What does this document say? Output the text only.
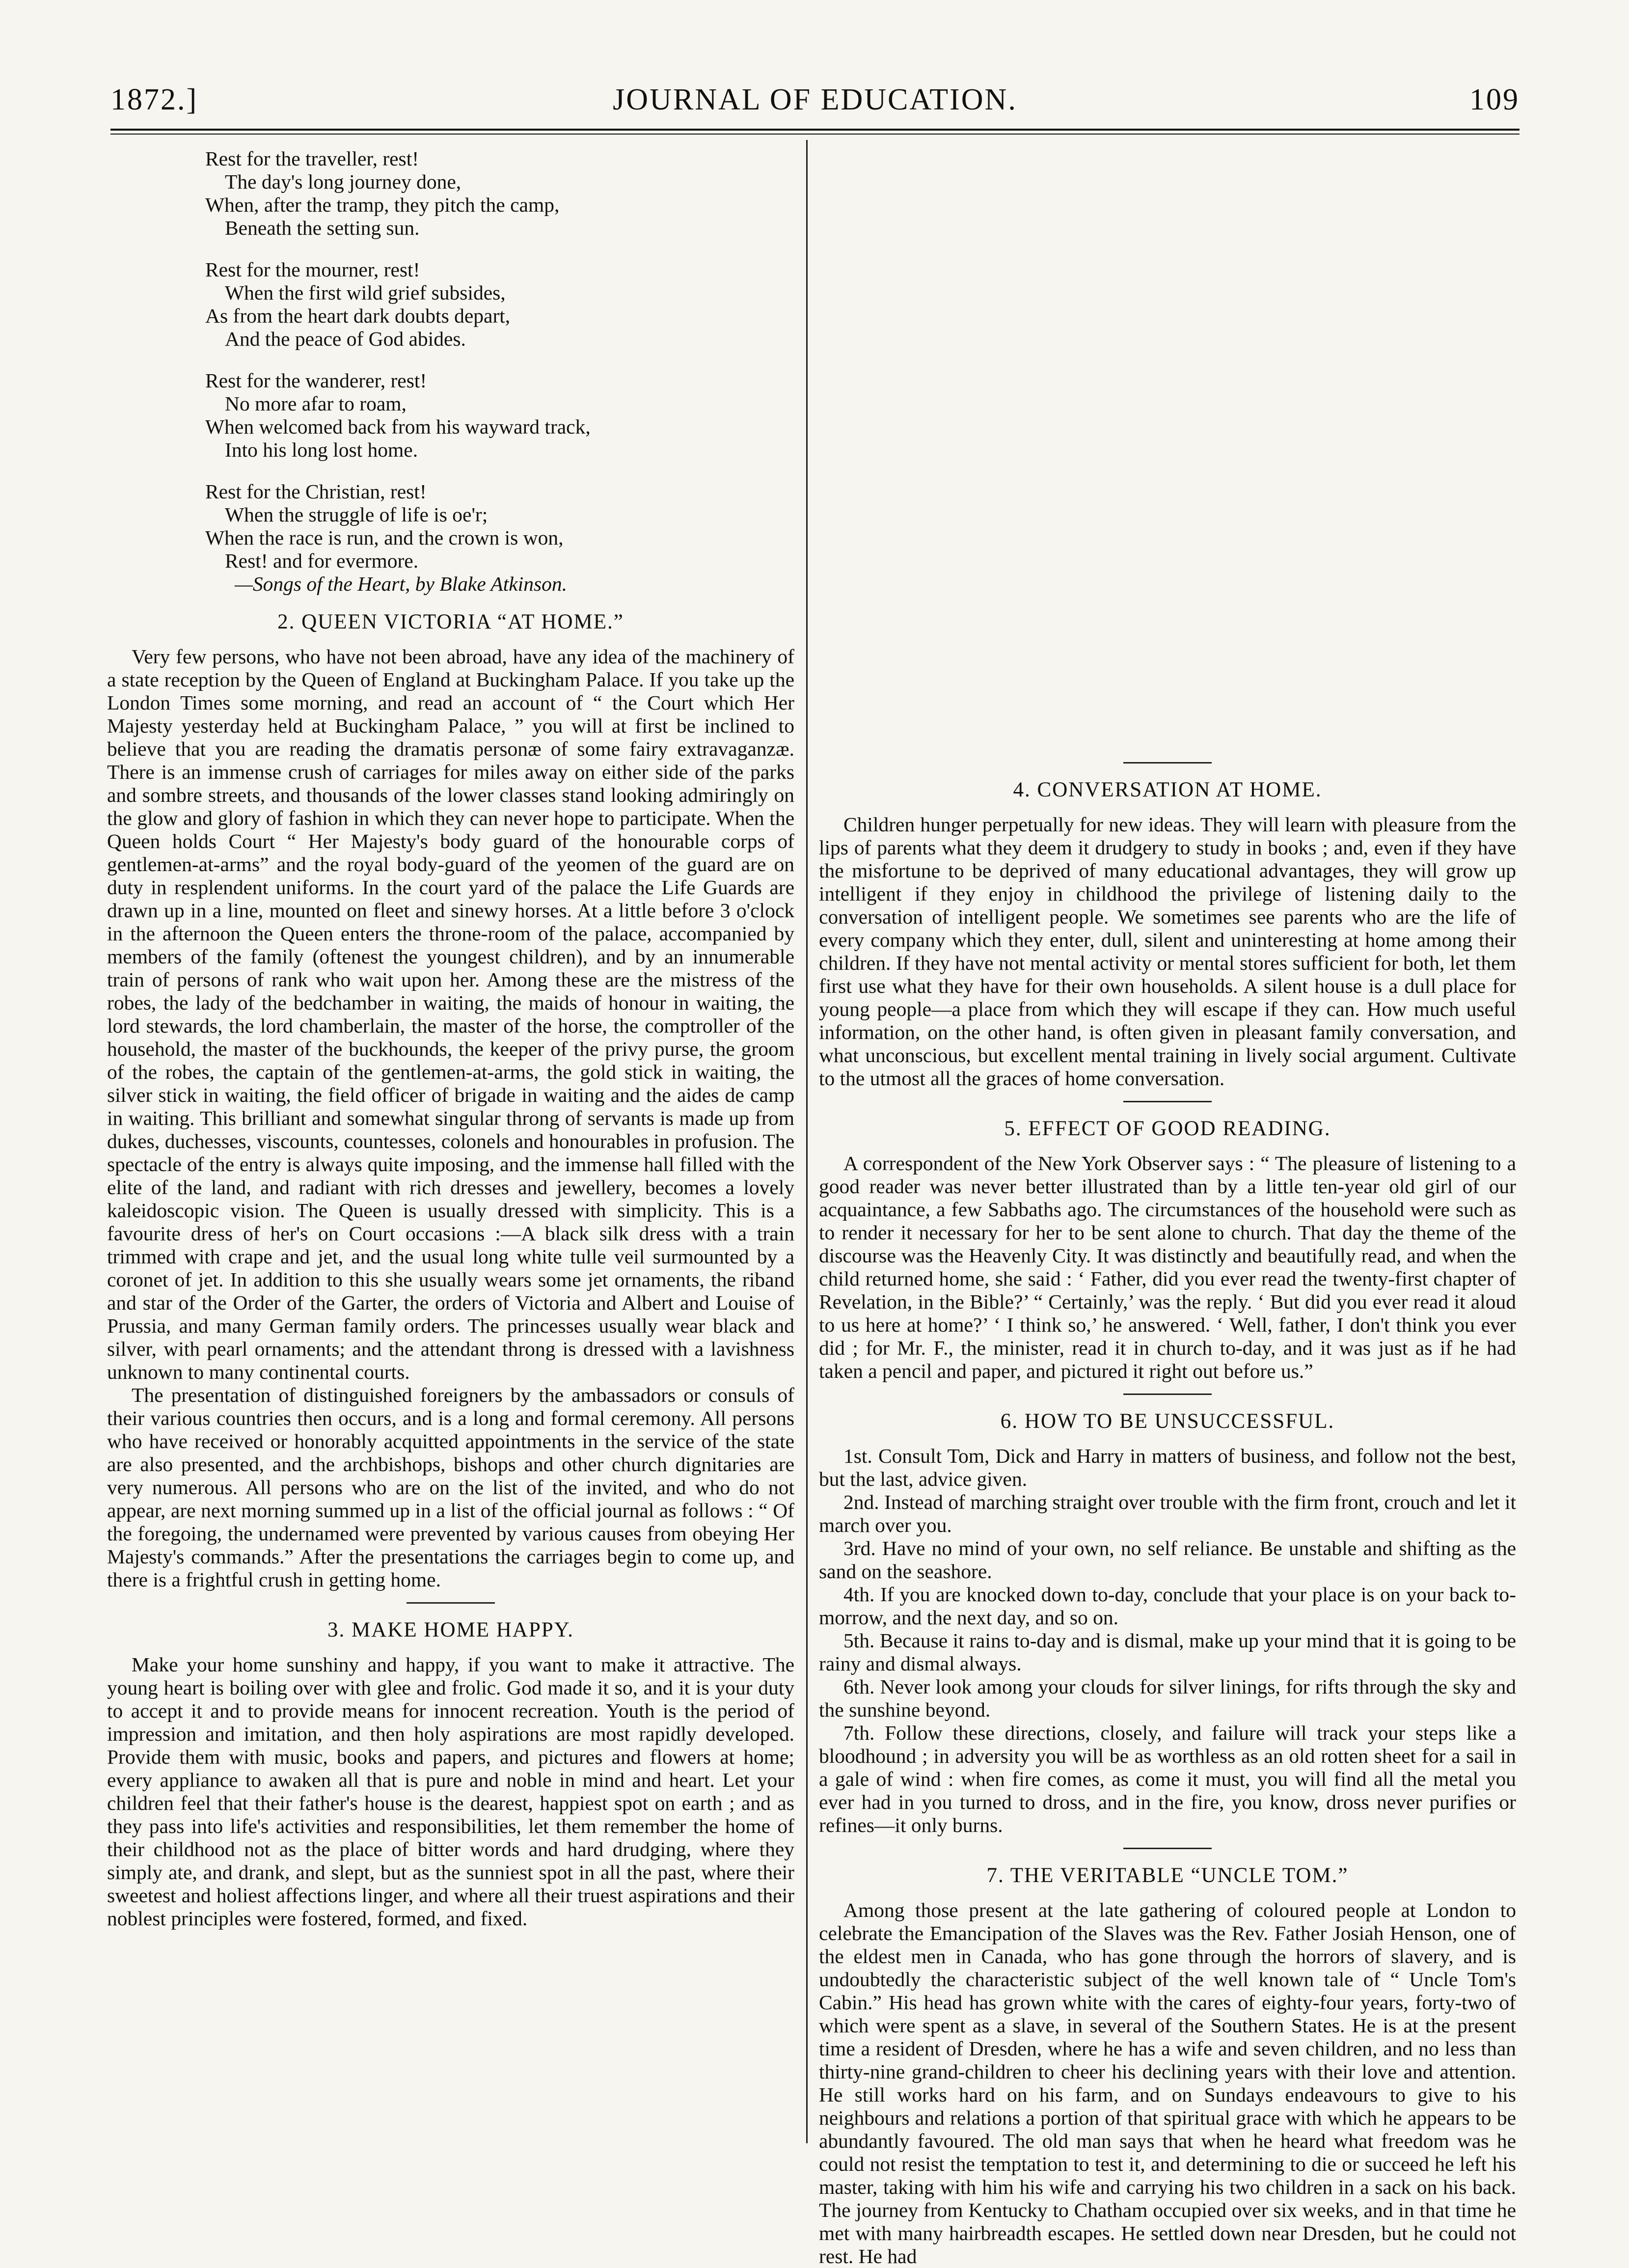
1872.]	JOURNAL OF EDUCATION.	109
Rest for the traveller, rest!
The day's long journey done,
When, after the tramp, they pitch the camp,
Beneath the setting sun.
Rest for the mourner, rest!
When the first wild grief subsides,
As from the heart dark doubts depart,
And the peace of God abides.
Rest for the wanderer, rest!
No more afar to roam,
When welcomed back from his wayward track,
Into his long lost home.
Rest for the Christian, rest!
When the struggle of life is oe'r;
When the race is run, and the crown is won,
Rest! and for evermore.
—Songs of the Heart, by Blake Atkinson.
2. QUEEN VICTORIA “AT HOME.”

Very few persons, who have not been abroad, have any idea of the machinery of a state reception by the Queen of England at Buckingham Palace. If you take up the London Times some morning, and read an account of “ the Court which Her Majesty yesterday held at Buckingham Palace, ” you will at first be inclined to believe that you are reading the dramatis personæ of some fairy extravaganzæ. There is an immense crush of carriages for miles away on either side of the parks and sombre streets, and thousands of the lower classes stand looking admiringly on the glow and glory of fashion in which they can never hope to participate. When the Queen holds Court “ Her Majesty's body guard of the honourable corps of gentlemen-at-arms” and the royal body-guard of the yeomen of the guard are on duty in resplendent uniforms. In the court yard of the palace the Life Guards are drawn up in a line, mounted on fleet and sinewy horses. At a little before 3 o'clock in the afternoon the Queen enters the throne-room of the palace, accompanied by members of the family (oftenest the youngest children), and by an innumerable train of persons of rank who wait upon her. Among these are the mistress of the robes, the lady of the bedchamber in waiting, the maids of honour in waiting, the lord stewards, the lord chamberlain, the master of the horse, the comptroller of the household, the master of the buckhounds, the keeper of the privy purse, the groom of the robes, the captain of the gentlemen-at-arms, the gold stick in waiting, the silver stick in waiting, the field officer of brigade in waiting and the aides de camp in waiting. This brilliant and somewhat singular throng of servants is made up from dukes, duchesses, viscounts, countesses, colonels and honourables in profusion. The spectacle of the entry is always quite imposing, and the immense hall filled with the elite of the land, and radiant with rich dresses and jewellery, becomes a lovely kaleidoscopic vision. The Queen is usually dressed with simplicity. This is a favourite dress of her's on Court occasions :—A black silk dress with a train trimmed with crape and jet, and the usual long white tulle veil surmounted by a coronet of jet. In addition to this she usually wears some jet ornaments, the riband and star of the Order of the Garter, the orders of Victoria and Albert and Louise of Prussia, and many German family orders. The princesses usually wear black and silver, with pearl ornaments; and the attendant throng is dressed with a lavishness unknown to many continental courts.

The presentation of distinguished foreigners by the ambassadors or consuls of their various countries then occurs, and is a long and formal ceremony. All persons who have received or honorably acquitted appointments in the service of the state are also presented, and the archbishops, bishops and other church dignitaries are very numerous. All persons who are on the list of the invited, and who do not appear, are next morning summed up in a list of the official journal as follows : “ Of the foregoing, the undernamed were prevented by various causes from obeying Her Majesty's commands.” After the presentations the carriages begin to come up, and there is a frightful crush in getting home.

3. MAKE HOME HAPPY.

Make your home sunshiny and happy, if you want to make it attractive. The young heart is boiling over with glee and frolic. God made it so, and it is your duty to accept it and to provide means for innocent recreation. Youth is the period of impression and imitation, and then holy aspirations are most rapidly developed. Provide them with music, books and papers, and pictures and flowers at home; every appliance to awaken all that is pure and noble in mind and heart. Let your children feel that their father's house is the dearest, happiest spot on earth ; and as they pass into life's activities and responsibilities, let them remember the home of their childhood not as the place of bitter words and hard drudging, where they simply ate, and drank, and slept, but as the sunniest spot in all the past, where their sweetest and holiest affections linger, and where all their truest aspirations and their noblest principles were fostered, formed, and fixed.

4. CONVERSATION AT HOME.

Children hunger perpetually for new ideas. They will learn with pleasure from the lips of parents what they deem it drudgery to study in books ; and, even if they have the misfortune to be deprived of many educational advantages, they will grow up intelligent if they enjoy in childhood the privilege of listening daily to the conversation of intelligent people. We sometimes see parents who are the life of every company which they enter, dull, silent and uninteresting at home among their children. If they have not mental activity or mental stores sufficient for both, let them first use what they have for their own households. A silent house is a dull place for young people—a place from which they will escape if they can. How much useful information, on the other hand, is often given in pleasant family conversation, and what unconscious, but excellent mental training in lively social argument. Cultivate to the utmost all the graces of home conversation.

5. EFFECT OF GOOD READING.

A correspondent of the New York Observer says : “ The pleasure of listening to a good reader was never better illustrated than by a little ten-year old girl of our acquaintance, a few Sabbaths ago. The circumstances of the household were such as to render it necessary for her to be sent alone to church. That day the theme of the discourse was the Heavenly City. It was distinctly and beautifully read, and when the child returned home, she said : ‘ Father, did you ever read the twenty-first chapter of Revelation, in the Bible?’ “ Certainly,’ was the reply. ‘ But did you ever read it aloud to us here at home?’ ‘ I think so,’ he answered. ‘ Well, father, I don't think you ever did ; for Mr. F., the minister, read it in church to-day, and it was just as if he had taken a pencil and paper, and pictured it right out before us.”

6. HOW TO BE UNSUCCESSFUL.

1st. Consult Tom, Dick and Harry in matters of business, and follow not the best, but the last, advice given.

2nd. Instead of marching straight over trouble with the firm front, crouch and let it march over you.

3rd. Have no mind of your own, no self reliance. Be unstable and shifting as the sand on the seashore.

4th. If you are knocked down to-day, conclude that your place is on your back to-morrow, and the next day, and so on.

5th. Because it rains to-day and is dismal, make up your mind that it is going to be rainy and dismal always.

6th. Never look among your clouds for silver linings, for rifts through the sky and the sunshine beyond.

7th. Follow these directions, closely, and failure will track your steps like a bloodhound ; in adversity you will be as worthless as an old rotten sheet for a sail in a gale of wind : when fire comes, as come it must, you will find all the metal you ever had in you turned to dross, and in the fire, you know, dross never purifies or refines—it only burns.

7. THE VERITABLE “UNCLE TOM.”

Among those present at the late gathering of coloured people at London to celebrate the Emancipation of the Slaves was the Rev. Father Josiah Henson, one of the eldest men in Canada, who has gone through the horrors of slavery, and is undoubtedly the characteristic subject of the well known tale of “ Uncle Tom's Cabin.” His head has grown white with the cares of eighty-four years, forty-two of which were spent as a slave, in several of the Southern States. He is at the present time a resident of Dresden, where he has a wife and seven children, and no less than thirty-nine grand-children to cheer his declining years with their love and attention. He still works hard on his farm, and on Sundays endeavours to give to his neighbours and relations a portion of that spiritual grace with which he appears to be abundantly favoured. The old man says that when he heard what freedom was he could not resist the temptation to test it, and determining to die or succeed he left his master, taking with him his wife and carrying his two children in a sack on his back. The journey from Kentucky to Chatham occupied over six weeks, and in that time he met with many hairbreadth escapes. He settled down near Dresden, but he could not rest. He had
